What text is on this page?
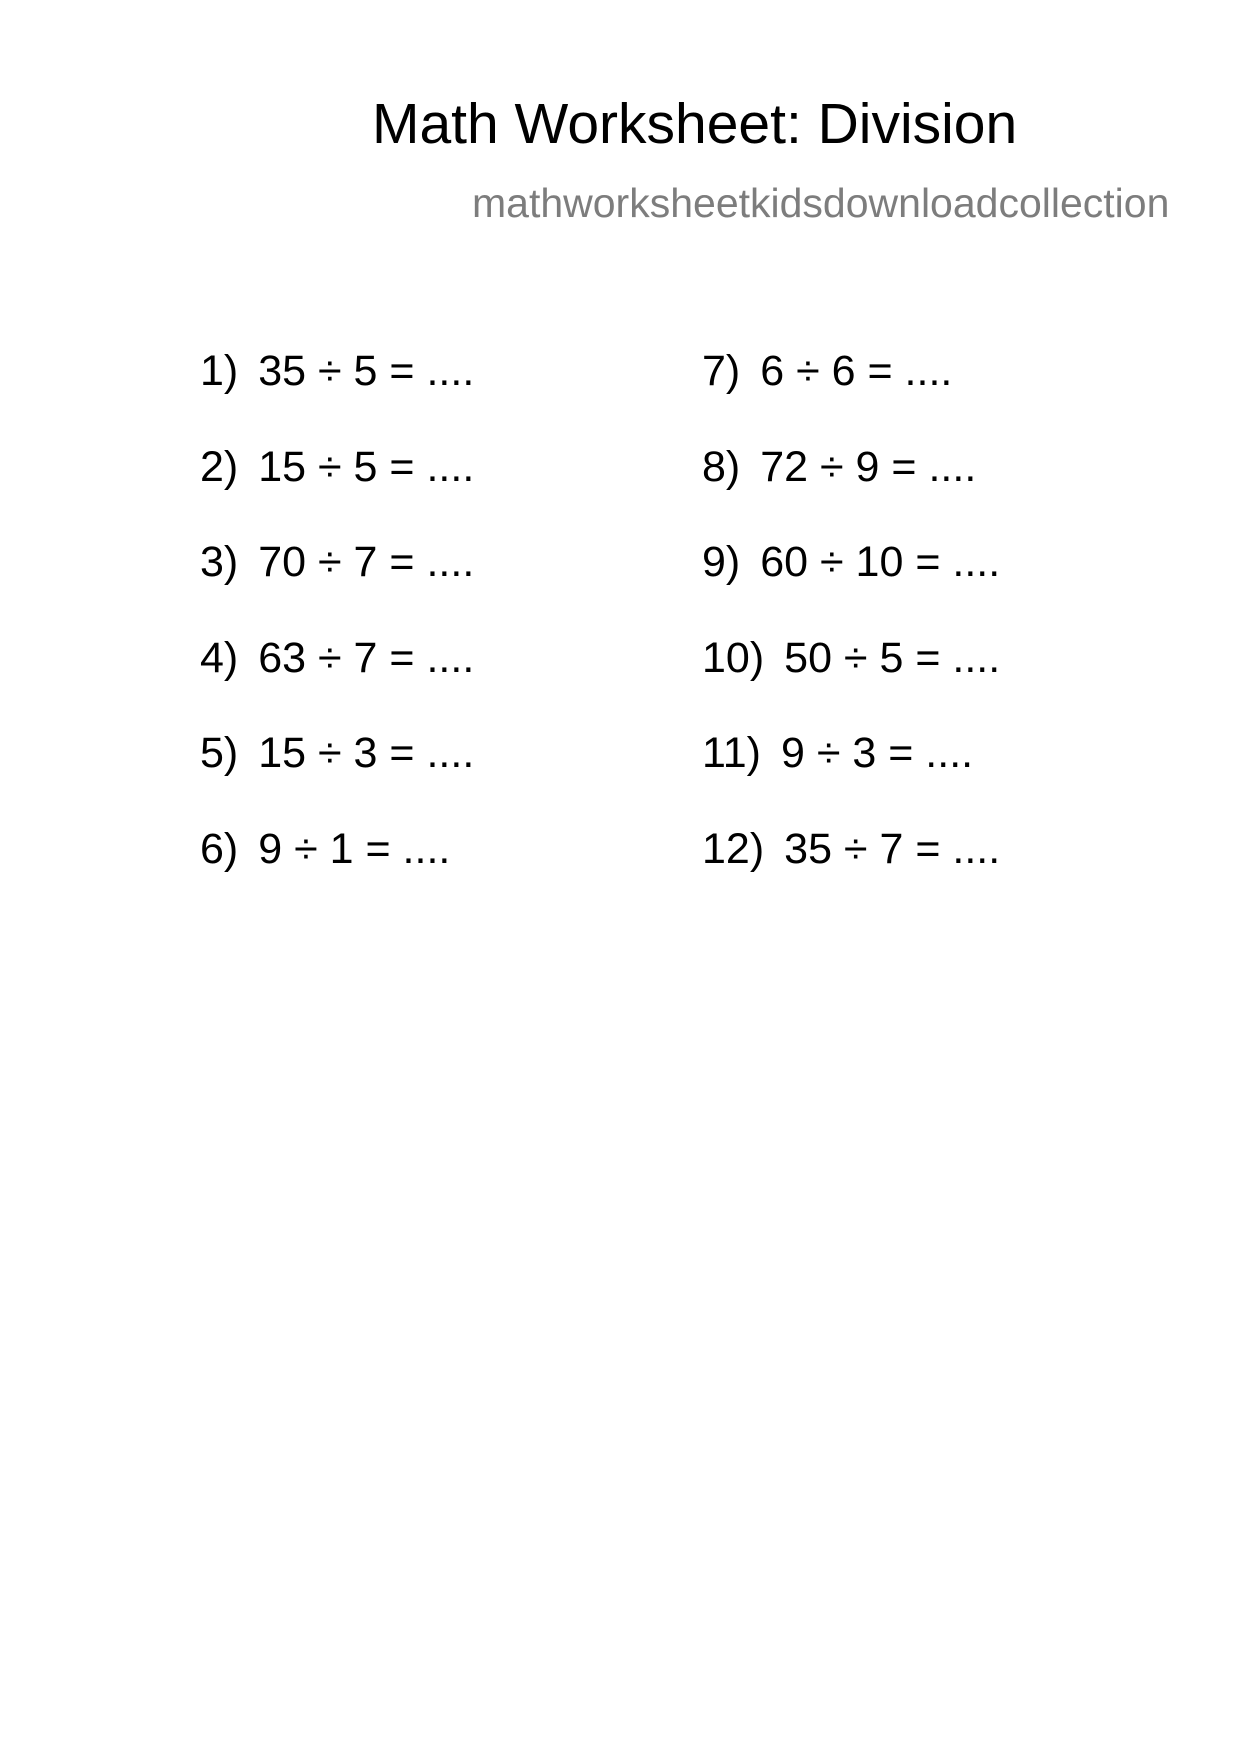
Math Worksheet: Division
mathworksheetkidsdownloadcollection
1) 35 ÷ 5 = ....
2) 15 ÷ 5 = ....
3) 70 ÷ 7 = ....
4) 63 ÷ 7 = ....
5) 15 ÷ 3 = ....
6) 9 ÷ 1 = ....
7) 6 ÷ 6 = ....
8) 72 ÷ 9 = ....
9) 60 ÷ 10 = ....
10) 50 ÷ 5 = ....
11) 9 ÷ 3 = ....
12) 35 ÷ 7 = ....
